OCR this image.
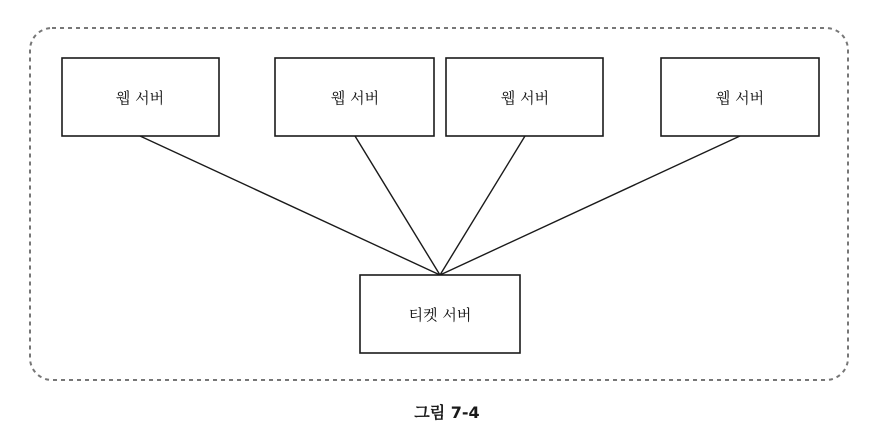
웹 서버	웹 서버	웹 서버	웹 서버
티켓 서버
그림 7-4
